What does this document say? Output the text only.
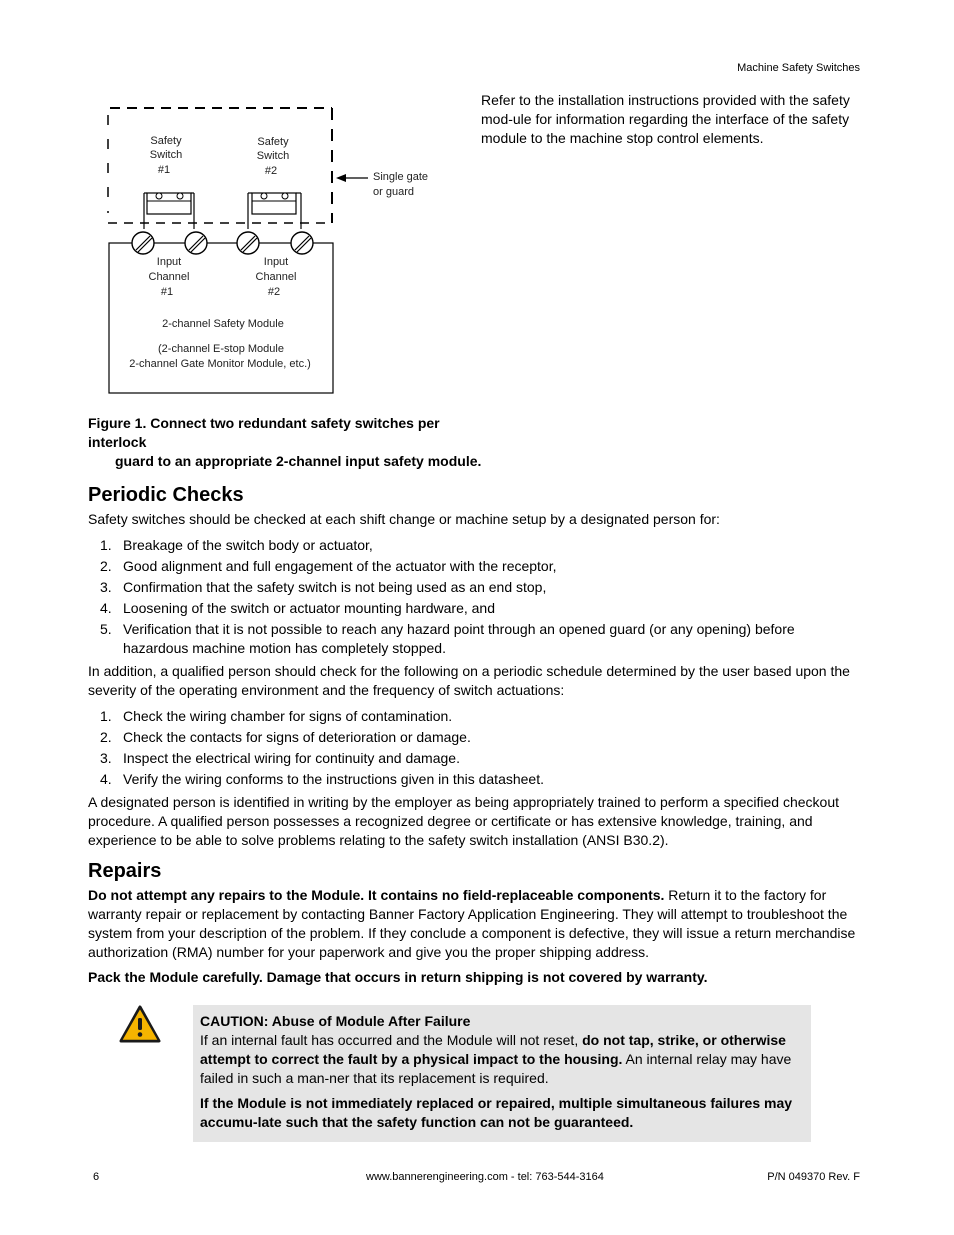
Machine Safety Switches
Refer to the installation instructions provided with the safety mod-ule for information regarding the interface of the safety module to the machine stop control elements.
Safety
Switch
#1
Safety
Switch
#2	Single gate
or guard
Input
Channel
#1
Input
Channel
#2
2-channel Safety Module
(2-channel E-stop Module
2-channel Gate Monitor Module, etc.)
Figure 1. Connect two redundant safety switches per interlock
guard to an appropriate 2-channel input safety module.
Periodic Checks
Safety switches should be checked at each shift change or machine setup by a designated person for:
1. Breakage of the switch body or actuator,
2. Good alignment and full engagement of the actuator with the receptor,
3. Confirmation that the safety switch is not being used as an end stop,
4. Loosening of the switch or actuator mounting hardware, and
5. Verification that it is not possible to reach any hazard point through an opened guard (or any opening) before hazardous machine motion has completely stopped.
In addition, a qualified person should check for the following on a periodic schedule determined by the user based upon the severity of the operating environment and the frequency of switch actuations:
1. Check the wiring chamber for signs of contamination.
2. Check the contacts for signs of deterioration or damage.
3. Inspect the electrical wiring for continuity and damage.
4. Verify the wiring conforms to the instructions given in this datasheet.
A designated person is identified in writing by the employer as being appropriately trained to perform a specified checkout procedure. A qualified person possesses a recognized degree or certificate or has extensive knowledge, training, and experience to be able to solve problems relating to the safety switch installation (ANSI B30.2).
Repairs
Do not attempt any repairs to the Module. It contains no field-replaceable components. Return it to the factory for warranty repair or replacement by contacting Banner Factory Application Engineering. They will attempt to troubleshoot the system from your description of the problem. If they conclude a component is defective, they will issue a return merchandise authorization (RMA) number for your paperwork and give you the proper shipping address.
Pack the Module carefully. Damage that occurs in return shipping is not covered by warranty.
CAUTION: Abuse of Module After Failure
If an internal fault has occurred and the Module will not reset, do not tap, strike, or otherwise attempt to correct the fault by a physical impact to the housing. An internal relay may have failed in such a man-ner that its replacement is required.
If the Module is not immediately replaced or repaired, multiple simultaneous failures may accumu-late such that the safety function can not be guaranteed.
6	www.bannerengineering.com - tel: 763-544-3164	P/N 049370 Rev. F
